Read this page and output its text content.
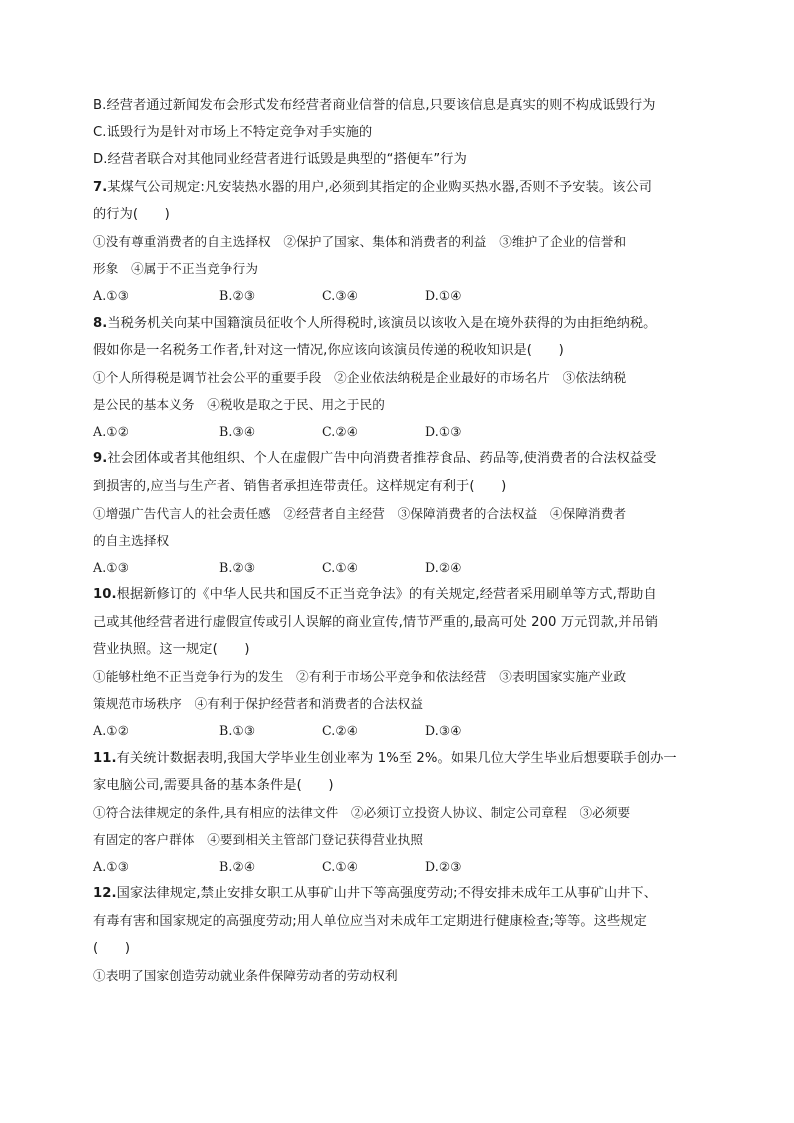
B.经营者通过新闻发布会形式发布经营者商业信誉的信息,只要该信息是真实的则不构成诋毁行为
C.诋毁行为是针对市场上不特定竞争对手实施的
D.经营者联合对其他同业经营者进行诋毁是典型的“搭便车”行为
7.某煤气公司规定:凡安装热水器的用户,必须到其指定的企业购买热水器,否则不予安装。该公司
的行为(　　)
①没有尊重消费者的自主选择权　②保护了国家、集体和消费者的利益　③维护了企业的信誉和
形象　④属于不正当竞争行为
A.①③	B.②③	C.③④	D.①④
8.当税务机关向某中国籍演员征收个人所得税时,该演员以该收入是在境外获得的为由拒绝纳税。
假如你是一名税务工作者,针对这一情况,你应该向该演员传递的税收知识是(　　)
①个人所得税是调节社会公平的重要手段　②企业依法纳税是企业最好的市场名片　③依法纳税
是公民的基本义务　④税收是取之于民、用之于民的
A.①②	B.③④	C.②④	D.①③
9.社会团体或者其他组织、个人在虚假广告中向消费者推荐食品、药品等,使消费者的合法权益受
到损害的,应当与生产者、销售者承担连带责任。这样规定有利于(　　)
①增强广告代言人的社会责任感　②经营者自主经营　③保障消费者的合法权益　④保障消费者
的自主选择权
A.①③	B.②③	C.①④	D.②④
10.根据新修订的《中华人民共和国反不正当竞争法》的有关规定,经营者采用刷单等方式,帮助自
己或其他经营者进行虚假宣传或引人误解的商业宣传,情节严重的,最高可处 200 万元罚款,并吊销
营业执照。这一规定(　　)
①能够杜绝不正当竞争行为的发生　②有利于市场公平竞争和依法经营　③表明国家实施产业政
策规范市场秩序　④有利于保护经营者和消费者的合法权益
A.①②	B.①③	C.②④	D.③④
11.有关统计数据表明,我国大学毕业生创业率为 1%至 2%。如果几位大学生毕业后想要联手创办一
家电脑公司,需要具备的基本条件是(　　)
①符合法律规定的条件,具有相应的法律文件　②必须订立投资人协议、制定公司章程　③必须要
有固定的客户群体　④要到相关主管部门登记获得营业执照
A.①③	B.②④	C.①④	D.②③
12.国家法律规定,禁止安排女职工从事矿山井下等高强度劳动;不得安排未成年工从事矿山井下、
有毒有害和国家规定的高强度劳动;用人单位应当对未成年工定期进行健康检查;等等。这些规定
(　　)
①表明了国家创造劳动就业条件保障劳动者的劳动权利
